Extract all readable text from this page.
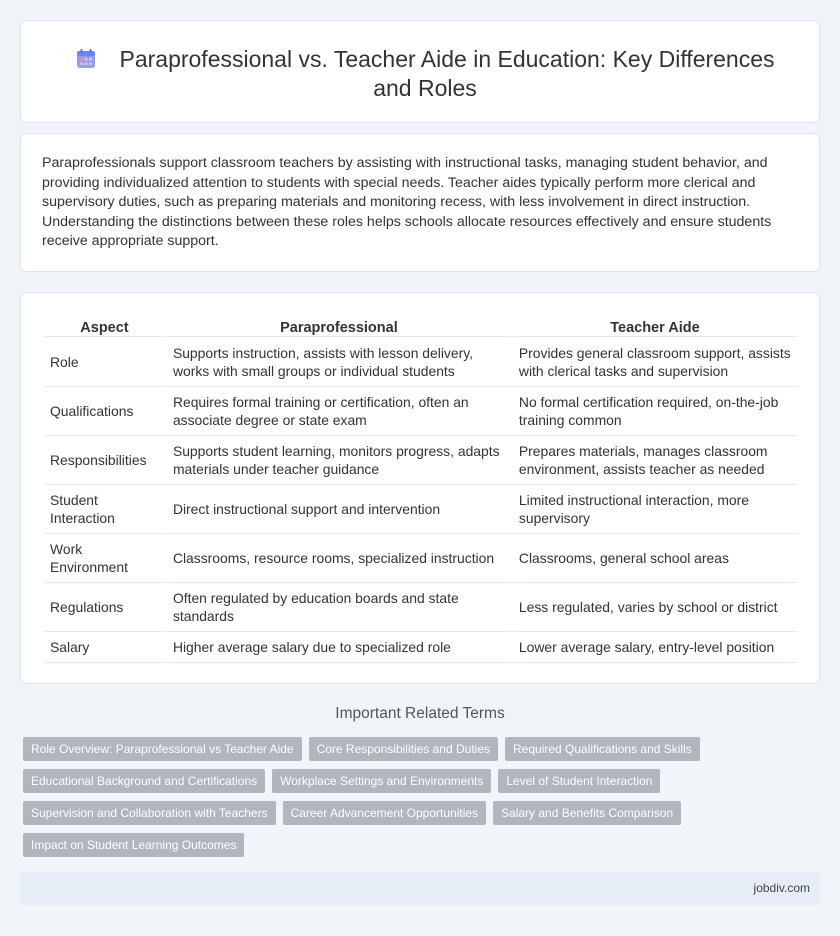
Paraprofessional vs. Teacher Aide in Education: Key Differences and Roles

Paraprofessionals support classroom teachers by assisting with instructional tasks, managing student behavior, and providing individualized attention to students with special needs. Teacher aides typically perform more clerical and supervisory duties, such as preparing materials and monitoring recess, with less involvement in direct instruction. Understanding the distinctions between these roles helps schools allocate resources effectively and ensure students receive appropriate support.

Aspect	Paraprofessional	Teacher Aide
Role	Supports instruction, assists with lesson delivery, works with small groups or individual students	Provides general classroom support, assists with clerical tasks and supervision
Qualifications	Requires formal training or certification, often an associate degree or state exam	No formal certification required, on-the-job training common
Responsibilities	Supports student learning, monitors progress, adapts materials under teacher guidance	Prepares materials, manages classroom environment, assists teacher as needed
Student Interaction	Direct instructional support and intervention	Limited instructional interaction, more supervisory
Work Environment	Classrooms, resource rooms, specialized instruction	Classrooms, general school areas
Regulations	Often regulated by education boards and state standards	Less regulated, varies by school or district
Salary	Higher average salary due to specialized role	Lower average salary, entry-level position
Important Related Terms
Role Overview: Paraprofessional vs Teacher Aide	Core Responsibilities and Duties	Required Qualifications and Skills
Educational Background and Certifications	Workplace Settings and Environments	Level of Student Interaction
Supervision and Collaboration with Teachers	Career Advancement Opportunities	Salary and Benefits Comparison
Impact on Student Learning Outcomes
jobdiv.com
